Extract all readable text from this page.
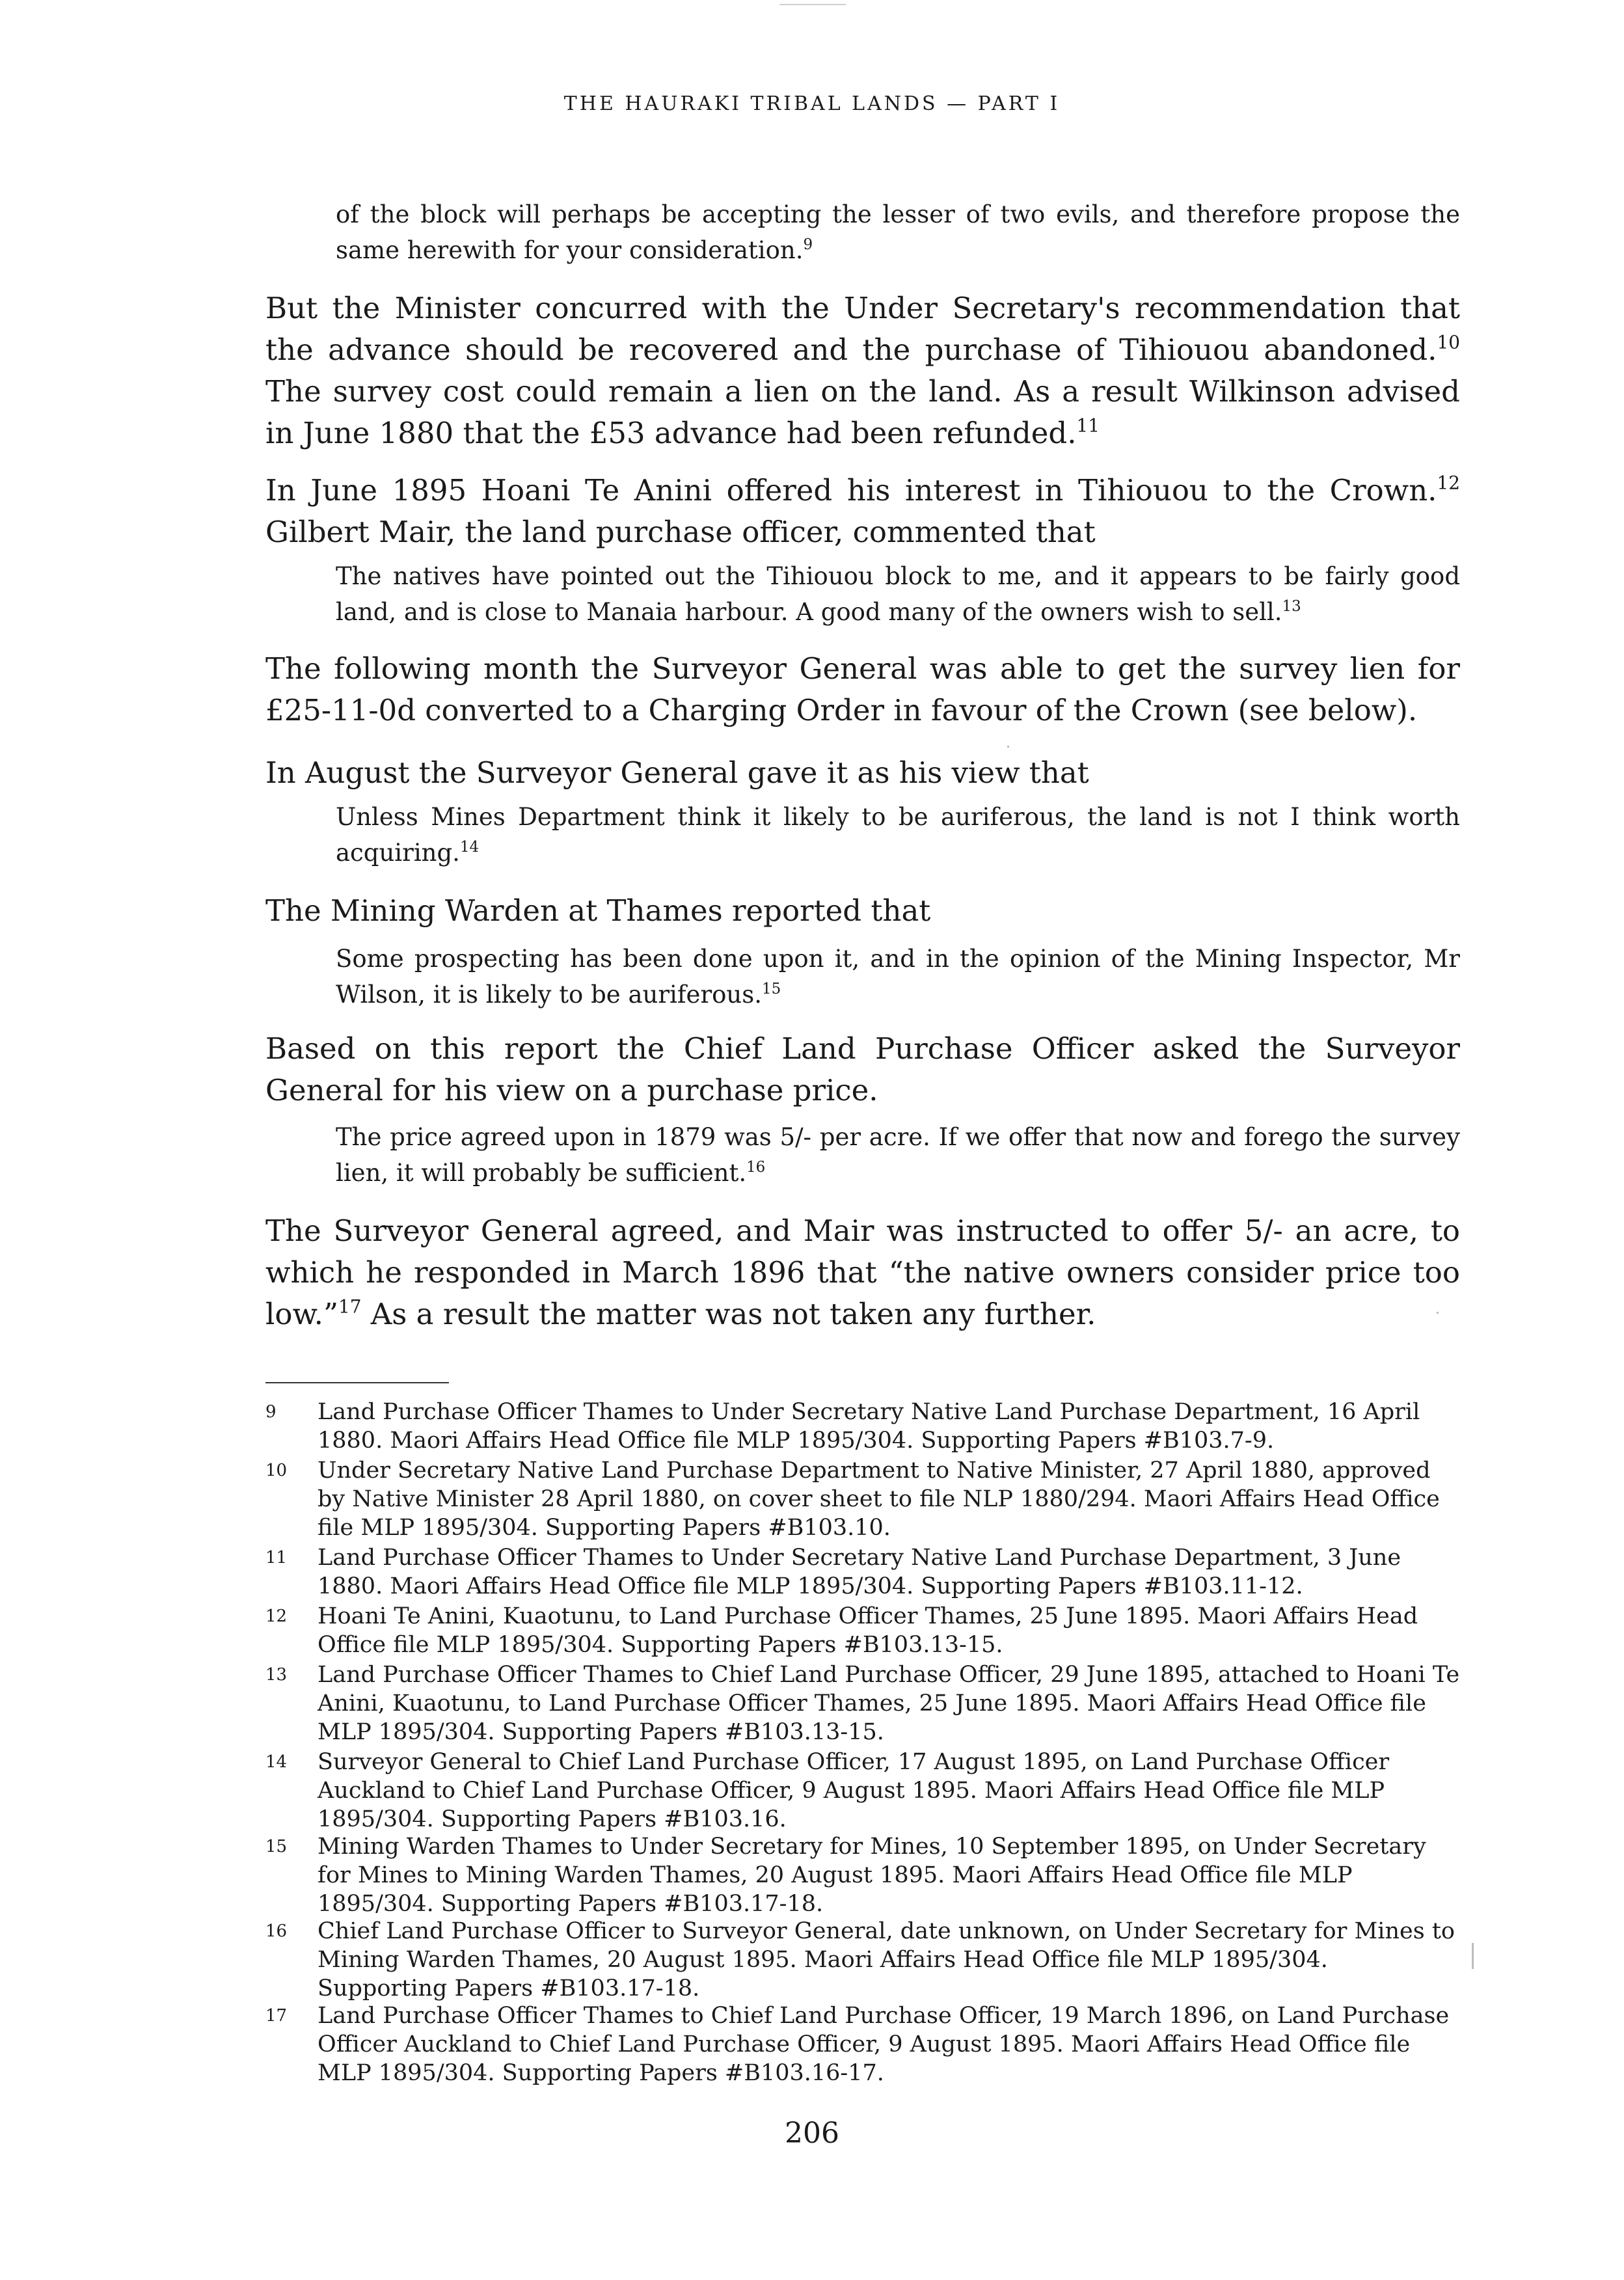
THE HAURAKI TRIBAL LANDS — PART I
of the block will perhaps be accepting the lesser of two evils, and therefore propose the same herewith for your consideration.$^9$
But the Minister concurred with the Under Secretary's recommendation that the advance should be recovered and the purchase of Tihiouou abandoned.$^{10}$ The survey cost could remain a lien on the land. As a result Wilkinson advised in June 1880 that the £53 advance had been refunded.$^{11}$
In June 1895 Hoani Te Anini offered his interest in Tihiouou to the Crown.$^{12}$ Gilbert Mair, the land purchase officer, commented that
The natives have pointed out the Tihiouou block to me, and it appears to be fairly good land, and is close to Manaia harbour. A good many of the owners wish to sell.$^{13}$
The following month the Surveyor General was able to get the survey lien for £25-11-0d converted to a Charging Order in favour of the Crown (see below).
In August the Surveyor General gave it as his view that
Unless Mines Department think it likely to be auriferous, the land is not I think worth acquiring.$^{14}$
The Mining Warden at Thames reported that
Some prospecting has been done upon it, and in the opinion of the Mining Inspector, Mr Wilson, it is likely to be auriferous.$^{15}$
Based on this report the Chief Land Purchase Officer asked the Surveyor General for his view on a purchase price.
The price agreed upon in 1879 was 5/- per acre. If we offer that now and forego the survey lien, it will probably be sufficient.$^{16}$
The Surveyor General agreed, and Mair was instructed to offer 5/- an acre, to which he responded in March 1896 that “the native owners consider price too low.”$^{17}$ As a result the matter was not taken any further.
9	Land Purchase Officer Thames to Under Secretary Native Land Purchase Department, 16 April 1880. Maori Affairs Head Office file MLP 1895/304. Supporting Papers #B103.7-9.
10	Under Secretary Native Land Purchase Department to Native Minister, 27 April 1880, approved by Native Minister 28 April 1880, on cover sheet to file NLP 1880/294. Maori Affairs Head Office file MLP 1895/304. Supporting Papers #B103.10.
11	Land Purchase Officer Thames to Under Secretary Native Land Purchase Department, 3 June 1880. Maori Affairs Head Office file MLP 1895/304. Supporting Papers #B103.11-12.
12	Hoani Te Anini, Kuaotunu, to Land Purchase Officer Thames, 25 June 1895. Maori Affairs Head Office file MLP 1895/304. Supporting Papers #B103.13-15.
13	Land Purchase Officer Thames to Chief Land Purchase Officer, 29 June 1895, attached to Hoani Te Anini, Kuaotunu, to Land Purchase Officer Thames, 25 June 1895. Maori Affairs Head Office file MLP 1895/304. Supporting Papers #B103.13-15.
14	Surveyor General to Chief Land Purchase Officer, 17 August 1895, on Land Purchase Officer Auckland to Chief Land Purchase Officer, 9 August 1895. Maori Affairs Head Office file MLP 1895/304. Supporting Papers #B103.16.
15	Mining Warden Thames to Under Secretary for Mines, 10 September 1895, on Under Secretary for Mines to Mining Warden Thames, 20 August 1895. Maori Affairs Head Office file MLP 1895/304. Supporting Papers #B103.17-18.
16	Chief Land Purchase Officer to Surveyor General, date unknown, on Under Secretary for Mines to Mining Warden Thames, 20 August 1895. Maori Affairs Head Office file MLP 1895/304. Supporting Papers #B103.17-18.
17	Land Purchase Officer Thames to Chief Land Purchase Officer, 19 March 1896, on Land Purchase Officer Auckland to Chief Land Purchase Officer, 9 August 1895. Maori Affairs Head Office file MLP 1895/304. Supporting Papers #B103.16-17.
206
